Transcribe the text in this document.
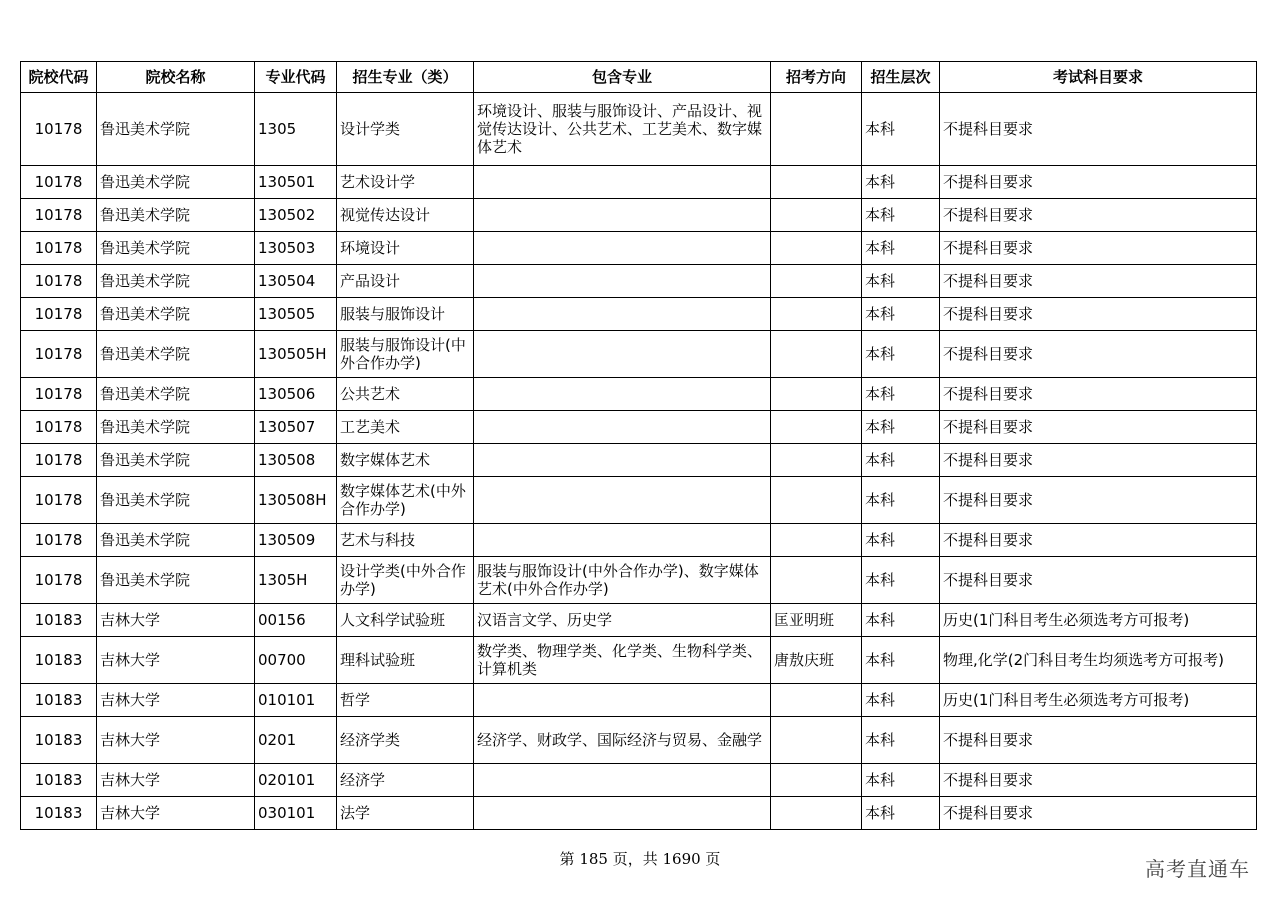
院校代码	院校名称	专业代码	招生专业（类）	包含专业	招考方向	招生层次	考试科目要求
10178	鲁迅美术学院	1305	设计学类	环境设计、服装与服饰设计、产品设计、视觉传达设计、公共艺术、工艺美术、数字媒体艺术		本科	不提科目要求
10178	鲁迅美术学院	130501	艺术设计学			本科	不提科目要求
10178	鲁迅美术学院	130502	视觉传达设计			本科	不提科目要求
10178	鲁迅美术学院	130503	环境设计			本科	不提科目要求
10178	鲁迅美术学院	130504	产品设计			本科	不提科目要求
10178	鲁迅美术学院	130505	服装与服饰设计			本科	不提科目要求
10178	鲁迅美术学院	130505H	服装与服饰设计(中外合作办学)			本科	不提科目要求
10178	鲁迅美术学院	130506	公共艺术			本科	不提科目要求
10178	鲁迅美术学院	130507	工艺美术			本科	不提科目要求
10178	鲁迅美术学院	130508	数字媒体艺术			本科	不提科目要求
10178	鲁迅美术学院	130508H	数字媒体艺术(中外合作办学)			本科	不提科目要求
10178	鲁迅美术学院	130509	艺术与科技			本科	不提科目要求
10178	鲁迅美术学院	1305H	设计学类(中外合作办学)	服装与服饰设计(中外合作办学)、数字媒体艺术(中外合作办学)		本科	不提科目要求
10183	吉林大学	00156	人文科学试验班	汉语言文学、历史学	匡亚明班	本科	历史(1门科目考生必须选考方可报考)
10183	吉林大学	00700	理科试验班	数学类、物理学类、化学类、生物科学类、计算机类	唐敖庆班	本科	物理,化学(2门科目考生均须选考方可报考)
10183	吉林大学	010101	哲学			本科	历史(1门科目考生必须选考方可报考)
10183	吉林大学	0201	经济学类	经济学、财政学、国际经济与贸易、金融学		本科	不提科目要求
10183	吉林大学	020101	经济学			本科	不提科目要求
10183	吉林大学	030101	法学			本科	不提科目要求
第 185 页，共 1690 页	高考直通车
